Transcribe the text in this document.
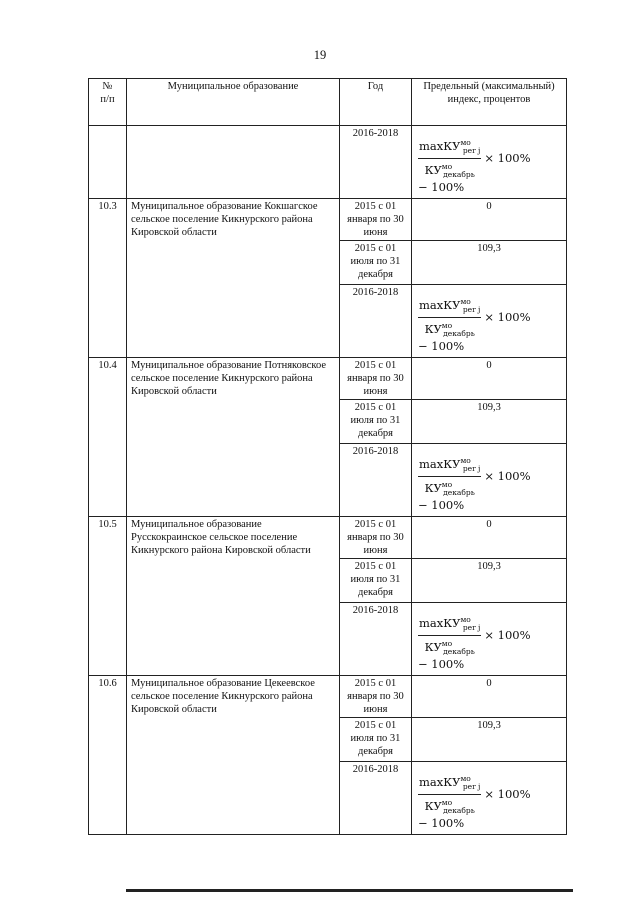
19
№
п/п	Муниципальное образование	Год	Предельный (максимальный) индекс, процентов
		2016-2018	$\frac{\max КУ^{мо}_{per j}}{КУ^{мо}_{декабрь}} \times 100\%$
− 100%

10.3	Муниципальное образование Кокшагское сельское поселение Кикнурского района Кировской области	2015 с 01 января по 30 июня	0
		2015 с 01 июля по 31 декабря	109,3
		2016-2018	$\frac{\max КУ^{мо}_{per j}}{КУ^{мо}_{декабрь}} \times 100\%$
− 100%

10.4	Муниципальное образование Потняковское сельское поселение Кикнурского района Кировской области	2015 с 01 января по 30 июня	0
		2015 с 01 июля по 31 декабря	109,3
		2016-2018	$\frac{\max КУ^{мо}_{per j}}{КУ^{мо}_{декабрь}} \times 100\%$
− 100%

10.5	Муниципальное образование Русскокраинское сельское поселение Кикнурского района Кировской области	2015 с 01 января по 30 июня	0
		2015 с 01 июля по 31 декабря	109,3
		2016-2018	$\frac{\max КУ^{мо}_{per j}}{КУ^{мо}_{декабрь}} \times 100\%$
− 100%

10.6	Муниципальное образование Цекеевское сельское поселение Кикнурского района Кировской области	2015 с 01 января по 30 июня	0
		2015 с 01 июля по 31 декабря	109,3
		2016-2018	$\frac{\max КУ^{мо}_{per j}}{КУ^{мо}_{декабрь}} \times 100\%$
− 100%
